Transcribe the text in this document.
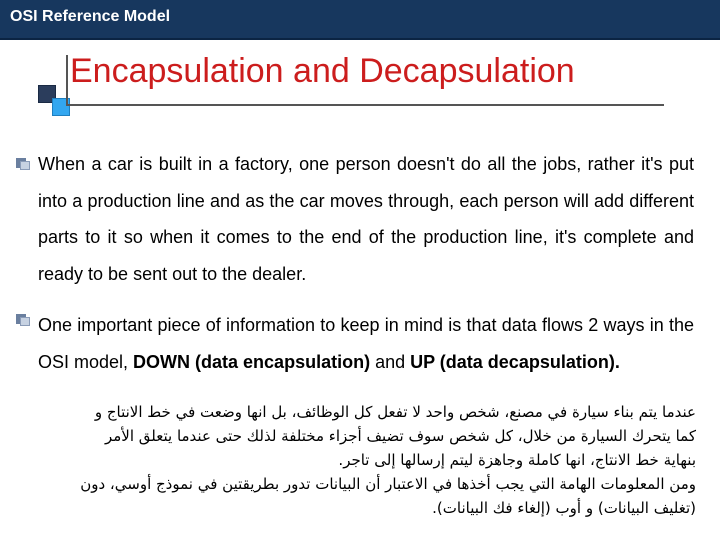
OSI Reference Model
Encapsulation and Decapsulation

When a car is built in a factory, one person doesn't do all the jobs, rather it's put into a production line and as the car moves through, each person will add different parts to it so when it comes to the end of the production line, it's complete and ready to be sent out to the dealer.

One important piece of information to keep in mind is that data flows 2 ways in the OSI model, DOWN (data encapsulation) and UP (data decapsulation).

عندما يتم بناء سيارة في مصنع، شخص واحد لا تفعل كل الوظائف، بل انها وضعت في خط الانتاج و
كما يتحرك السيارة من خلال، كل شخص سوف تضيف أجزاء مختلفة لذلك حتى عندما يتعلق الأمر
بنهاية خط الانتاج، انها كاملة وجاهزة ليتم إرسالها إلى تاجر.
ومن المعلومات الهامة التي يجب أخذها في الاعتبار أن البيانات تدور بطريقتين في نموذج أوسي، دون
(تغليف البيانات) و أوب (إلغاء فك البيانات).
